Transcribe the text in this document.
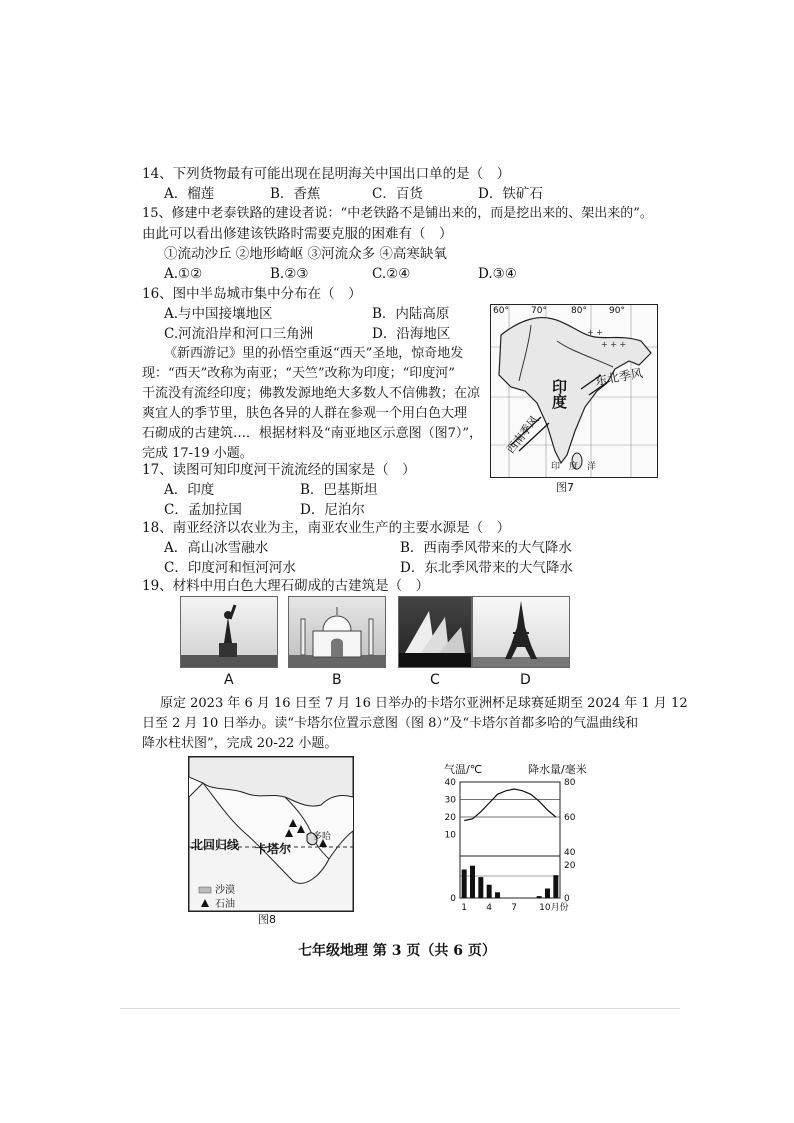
14、下列货物最有可能出现在昆明海关中国出口单的是（　）
A．榴莲	B．香蕉	C．百货	D．铁矿石
15、修建中老泰铁路的建设者说：“中老铁路不是铺出来的，而是挖出来的、架出来的”。
由此可以看出修建该铁路时需要克服的困难有（　）
①流动沙丘 ②地形崎岖 ③河流众多 ④高寒缺氧
A.①②	B.②③	C.②④	D.③④
16、图中半岛城市集中分布在（　）
A.与中国接壤地区	B．内陆高原
C.河流沿岸和河口三角洲	D．沿海地区
《新西游记》里的孙悟空重返“西天”圣地，惊奇地发
现：“西天”改称为南亚；“天竺”改称为印度；“印度河”
干流没有流经印度；佛教发源地绝大多数人不信佛教；在凉
爽宜人的季节里，肤色各异的人群在参观一个用白色大理
石砌成的古建筑…．根据材料及“南亚地区示意图（图7）”，
完成 17-19 小题。
+ + +
+ +
60° 70°	80° 90°
印度
东北季风
西南季风
印　度　洋
图7
17、读图可知印度河干流流经的国家是（　）
A．印度	B．巴基斯坦
C．孟加拉国	D．尼泊尔
18、南亚经济以农业为主，南亚农业生产的主要水源是（　）
A．高山冰雪融水	B．西南季风带来的大气降水
C．印度河和恒河河水	D．东北季风带来的大气降水
19、材料中用白色大理石砌成的古建筑是（　）
A	B	C	D
原定 2023 年 6 月 16 日至 7 月 16 日举办的卡塔尔亚洲杯足球赛延期至 2024 年 1 月 12
日至 2 月 10 日举办。读“卡塔尔位置示意图（图 8）”及“卡塔尔首都多哈的气温曲线和
降水柱状图”，完成 20-22 小题。
北回归线 卡塔尔
多哈
沙漠
石油
图8
气温/℃	降水量/毫米
40
30
20
10
0
80
60
40
20
0
1 4 7 10月份
七年级地理 第 3 页（共 6 页）
